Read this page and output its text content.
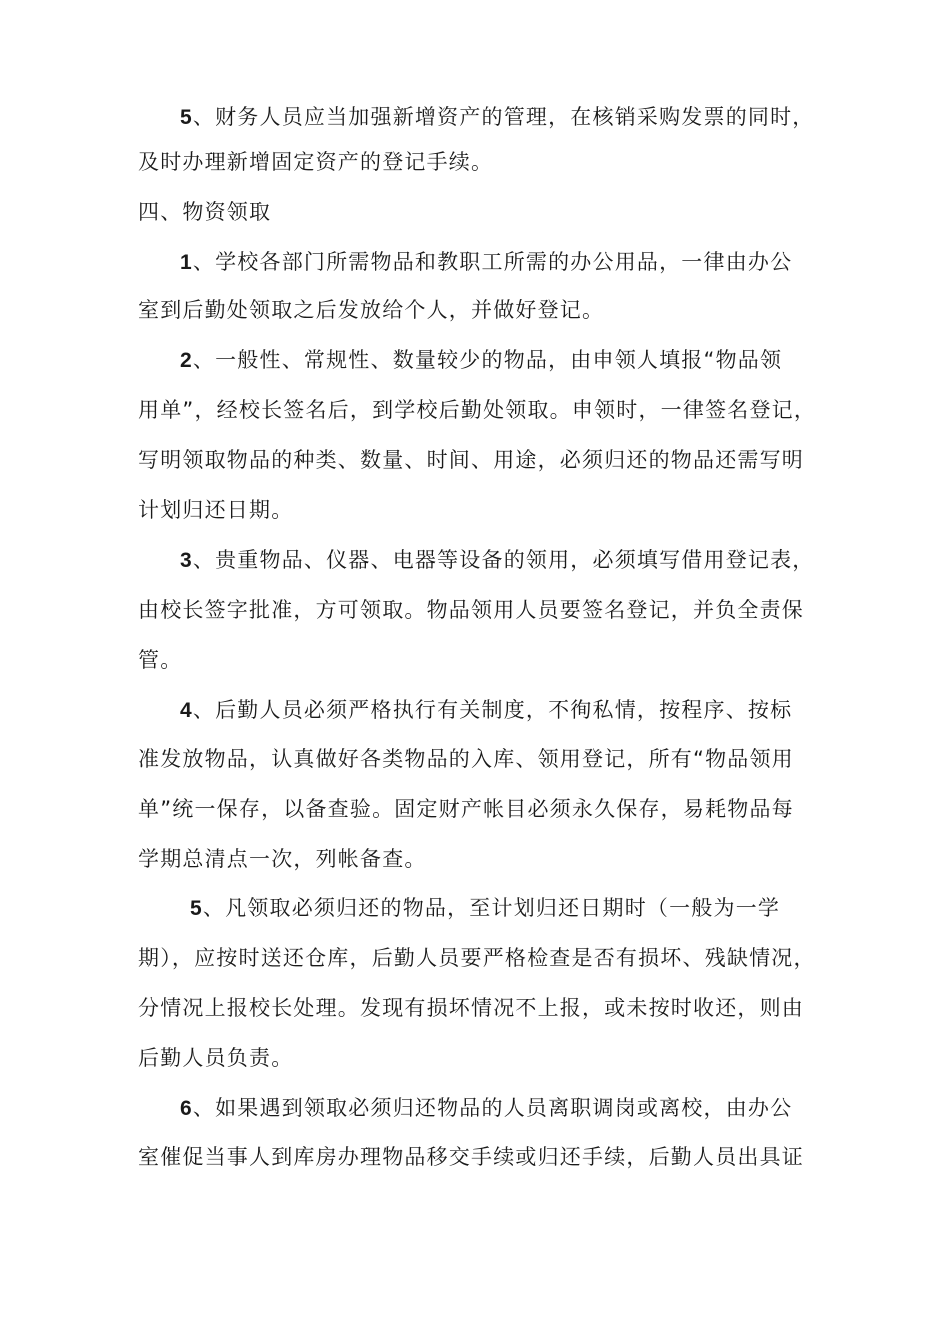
5、财务人员应当加强新增资产的管理，在核销采购发票的同时，
及时办理新增固定资产的登记手续。
四、物资领取
1、学校各部门所需物品和教职工所需的办公用品，一律由办公
室到后勤处领取之后发放给个人，并做好登记。
2、一般性、常规性、数量较少的物品，由申领人填报“物品领
用单”，经校长签名后，到学校后勤处领取。申领时，一律签名登记，
写明领取物品的种类、数量、时间、用途，必须归还的物品还需写明
计划归还日期。
3、贵重物品、仪器、电器等设备的领用，必须填写借用登记表，
由校长签字批准，方可领取。物品领用人员要签名登记，并负全责保
管。
4、后勤人员必须严格执行有关制度，不徇私情，按程序、按标
准发放物品，认真做好各类物品的入库、领用登记，所有“物品领用
单”统一保存，以备查验。固定财产帐目必须永久保存，易耗物品每
学期总清点一次，列帐备查。
5、凡领取必须归还的物品，至计划归还日期时（一般为一学
期），应按时送还仓库，后勤人员要严格检查是否有损坏、残缺情况，
分情况上报校长处理。发现有损坏情况不上报，或未按时收还，则由
后勤人员负责。
6、如果遇到领取必须归还物品的人员离职调岗或离校，由办公
室催促当事人到库房办理物品移交手续或归还手续，后勤人员出具证
